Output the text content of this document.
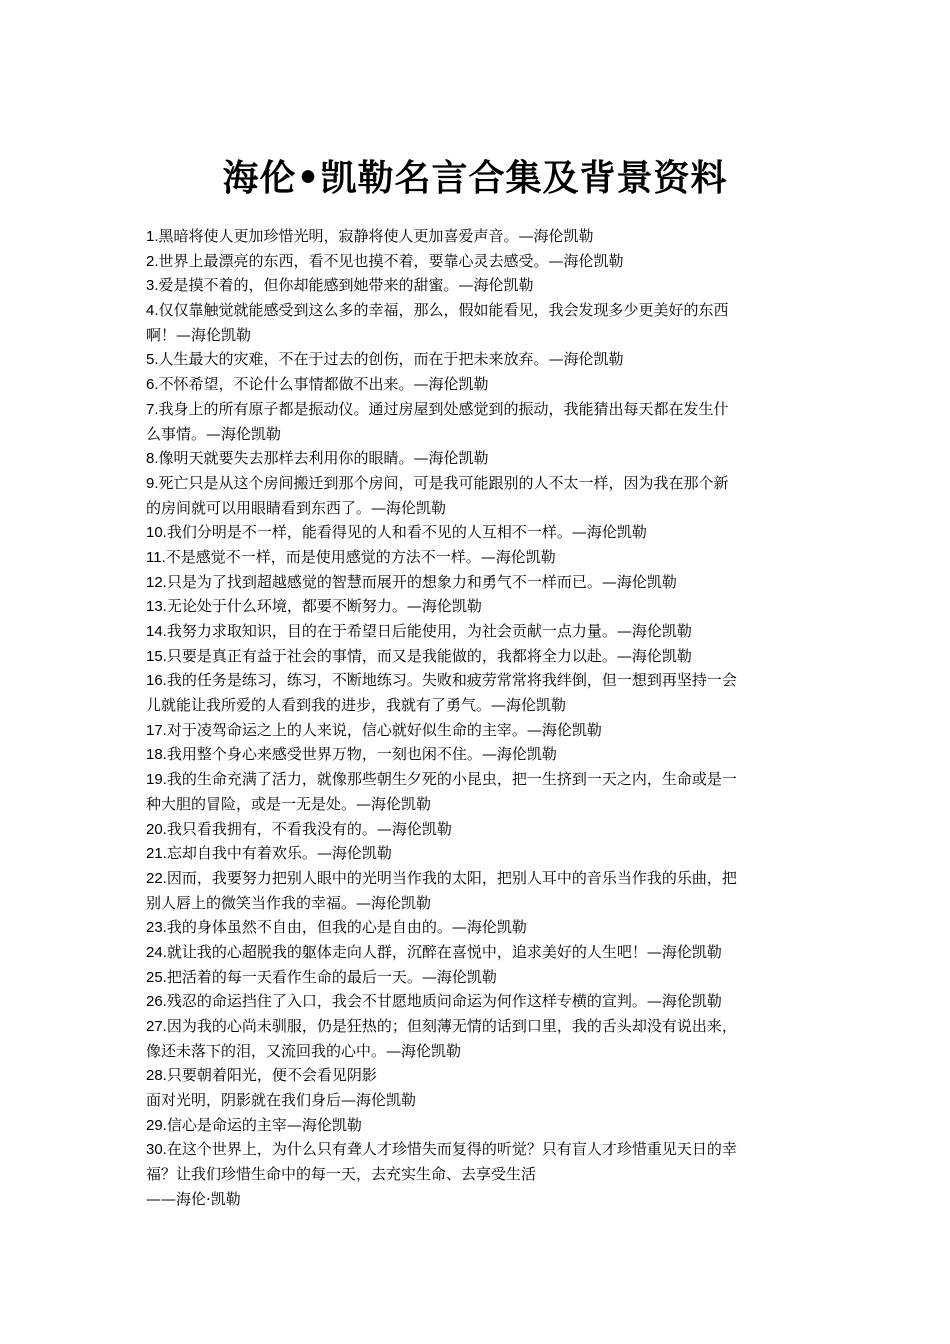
海伦•凯勒名言合集及背景资料
1.黑暗将使人更加珍惜光明，寂静将使人更加喜爱声音。—海伦凯勒
2.世界上最漂亮的东西，看不见也摸不着，要靠心灵去感受。—海伦凯勒
3.爱是摸不着的，但你却能感到她带来的甜蜜。—海伦凯勒
4.仅仅靠触觉就能感受到这么多的幸福，那么，假如能看见，我会发现多少更美好的东西
啊！—海伦凯勒
5.人生最大的灾难，不在于过去的创伤，而在于把未来放弃。—海伦凯勒
6.不怀希望，不论什么事情都做不出来。—海伦凯勒
7.我身上的所有原子都是振动仪。通过房屋到处感觉到的振动，我能猜出每天都在发生什
么事情。—海伦凯勒
8.像明天就要失去那样去利用你的眼睛。—海伦凯勒
9.死亡只是从这个房间搬迁到那个房间，可是我可能跟别的人不太一样，因为我在那个新
的房间就可以用眼睛看到东西了。—海伦凯勒
10.我们分明是不一样，能看得见的人和看不见的人互相不一样。—海伦凯勒
11.不是感觉不一样，而是使用感觉的方法不一样。—海伦凯勒
12.只是为了找到超越感觉的智慧而展开的想象力和勇气不一样而已。—海伦凯勒
13.无论处于什么环境，都要不断努力。—海伦凯勒
14.我努力求取知识，目的在于希望日后能使用，为社会贡献一点力量。—海伦凯勒
15.只要是真正有益于社会的事情，而又是我能做的，我都将全力以赴。—海伦凯勒
16.我的任务是练习，练习，不断地练习。失败和疲劳常常将我绊倒，但一想到再坚持一会
儿就能让我所爱的人看到我的进步，我就有了勇气。—海伦凯勒
17.对于凌驾命运之上的人来说，信心就好似生命的主宰。—海伦凯勒
18.我用整个身心来感受世界万物，一刻也闲不住。—海伦凯勒
19.我的生命充满了活力，就像那些朝生夕死的小昆虫，把一生挤到一天之内，生命或是一
种大胆的冒险，或是一无是处。—海伦凯勒
20.我只看我拥有，不看我没有的。—海伦凯勒
21.忘却自我中有着欢乐。—海伦凯勒
22.因而，我要努力把别人眼中的光明当作我的太阳，把别人耳中的音乐当作我的乐曲，把
别人唇上的微笑当作我的幸福。—海伦凯勒
23.我的身体虽然不自由，但我的心是自由的。—海伦凯勒
24.就让我的心超脱我的躯体走向人群，沉醉在喜悦中，追求美好的人生吧！—海伦凯勒
25.把活着的每一天看作生命的最后一天。—海伦凯勒
26.残忍的命运挡住了入口，我会不甘愿地质问命运为何作这样专横的宣判。—海伦凯勒
27.因为我的心尚未驯服，仍是狂热的；但刻薄无情的话到口里，我的舌头却没有说出来，
像还未落下的泪，又流回我的心中。—海伦凯勒
28.只要朝着阳光，便不会看见阴影
面对光明，阴影就在我们身后—海伦凯勒
29.信心是命运的主宰—海伦凯勒
30.在这个世界上，为什么只有聋人才珍惜失而复得的听觉？只有盲人才珍惜重见天日的幸
福？让我们珍惜生命中的每一天，去充实生命、去享受生活
——海伦·凯勒
